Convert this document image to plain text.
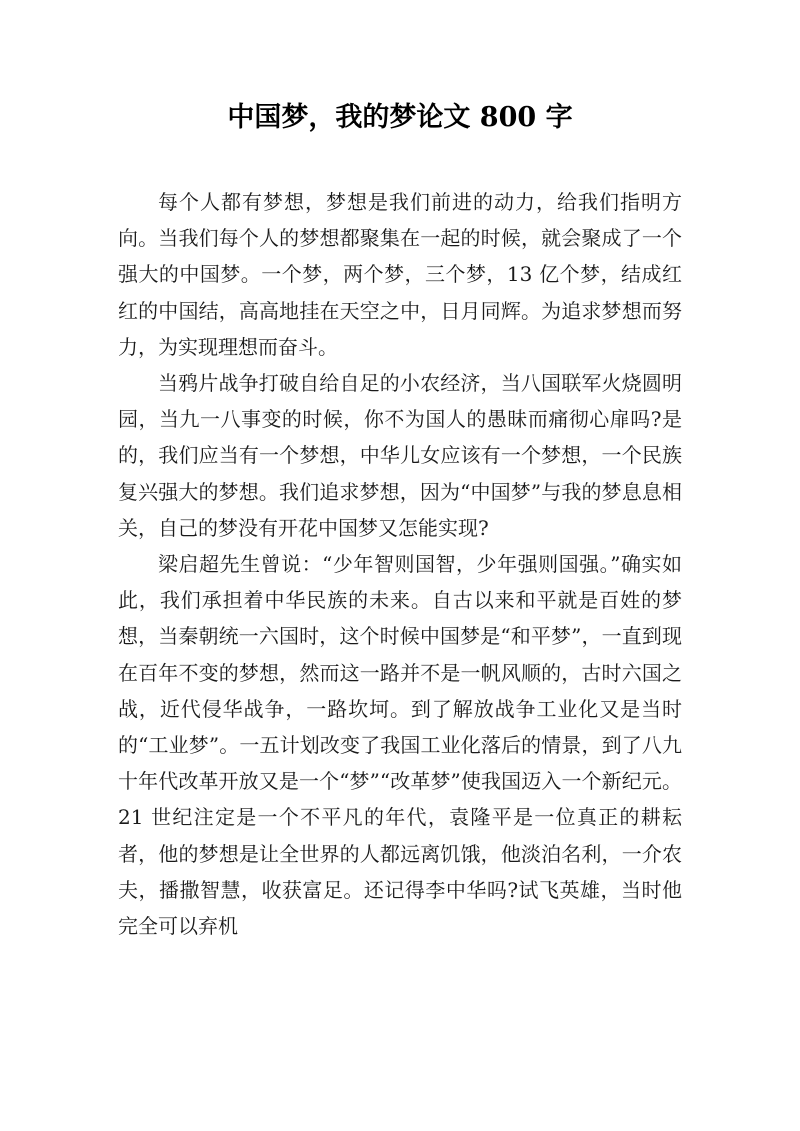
中国梦，我的梦论文 800 字

每个人都有梦想，梦想是我们前进的动力，给我们指明方向。当我们每个人的梦想都聚集在一起的时候，就会聚成了一个强大的中国梦。一个梦，两个梦，三个梦，13 亿个梦，结成红红的中国结，高高地挂在天空之中，日月同辉。为追求梦想而努力，为实现理想而奋斗。

当鸦片战争打破自给自足的小农经济，当八国联军火烧圆明园，当九一八事变的时候，你不为国人的愚昧而痛彻心扉吗?是的，我们应当有一个梦想，中华儿女应该有一个梦想，一个民族复兴强大的梦想。我们追求梦想，因为“中国梦”与我的梦息息相关，自己的梦没有开花中国梦又怎能实现?

梁启超先生曾说：“少年智则国智，少年强则国强。”确实如此，我们承担着中华民族的未来。自古以来和平就是百姓的梦想，当秦朝统一六国时，这个时候中国梦是“和平梦”，一直到现在百年不变的梦想，然而这一路并不是一帆风顺的，古时六国之战，近代侵华战争，一路坎坷。到了解放战争工业化又是当时的“工业梦”。一五计划改变了我国工业化落后的情景，到了八九十年代改革开放又是一个“梦”“改革梦”使我国迈入一个新纪元。21 世纪注定是一个不平凡的年代，袁隆平是一位真正的耕耘者，他的梦想是让全世界的人都远离饥饿，他淡泊名利，一介农夫，播撒智慧，收获富足。还记得李中华吗?试飞英雄，当时他完全可以弃机
